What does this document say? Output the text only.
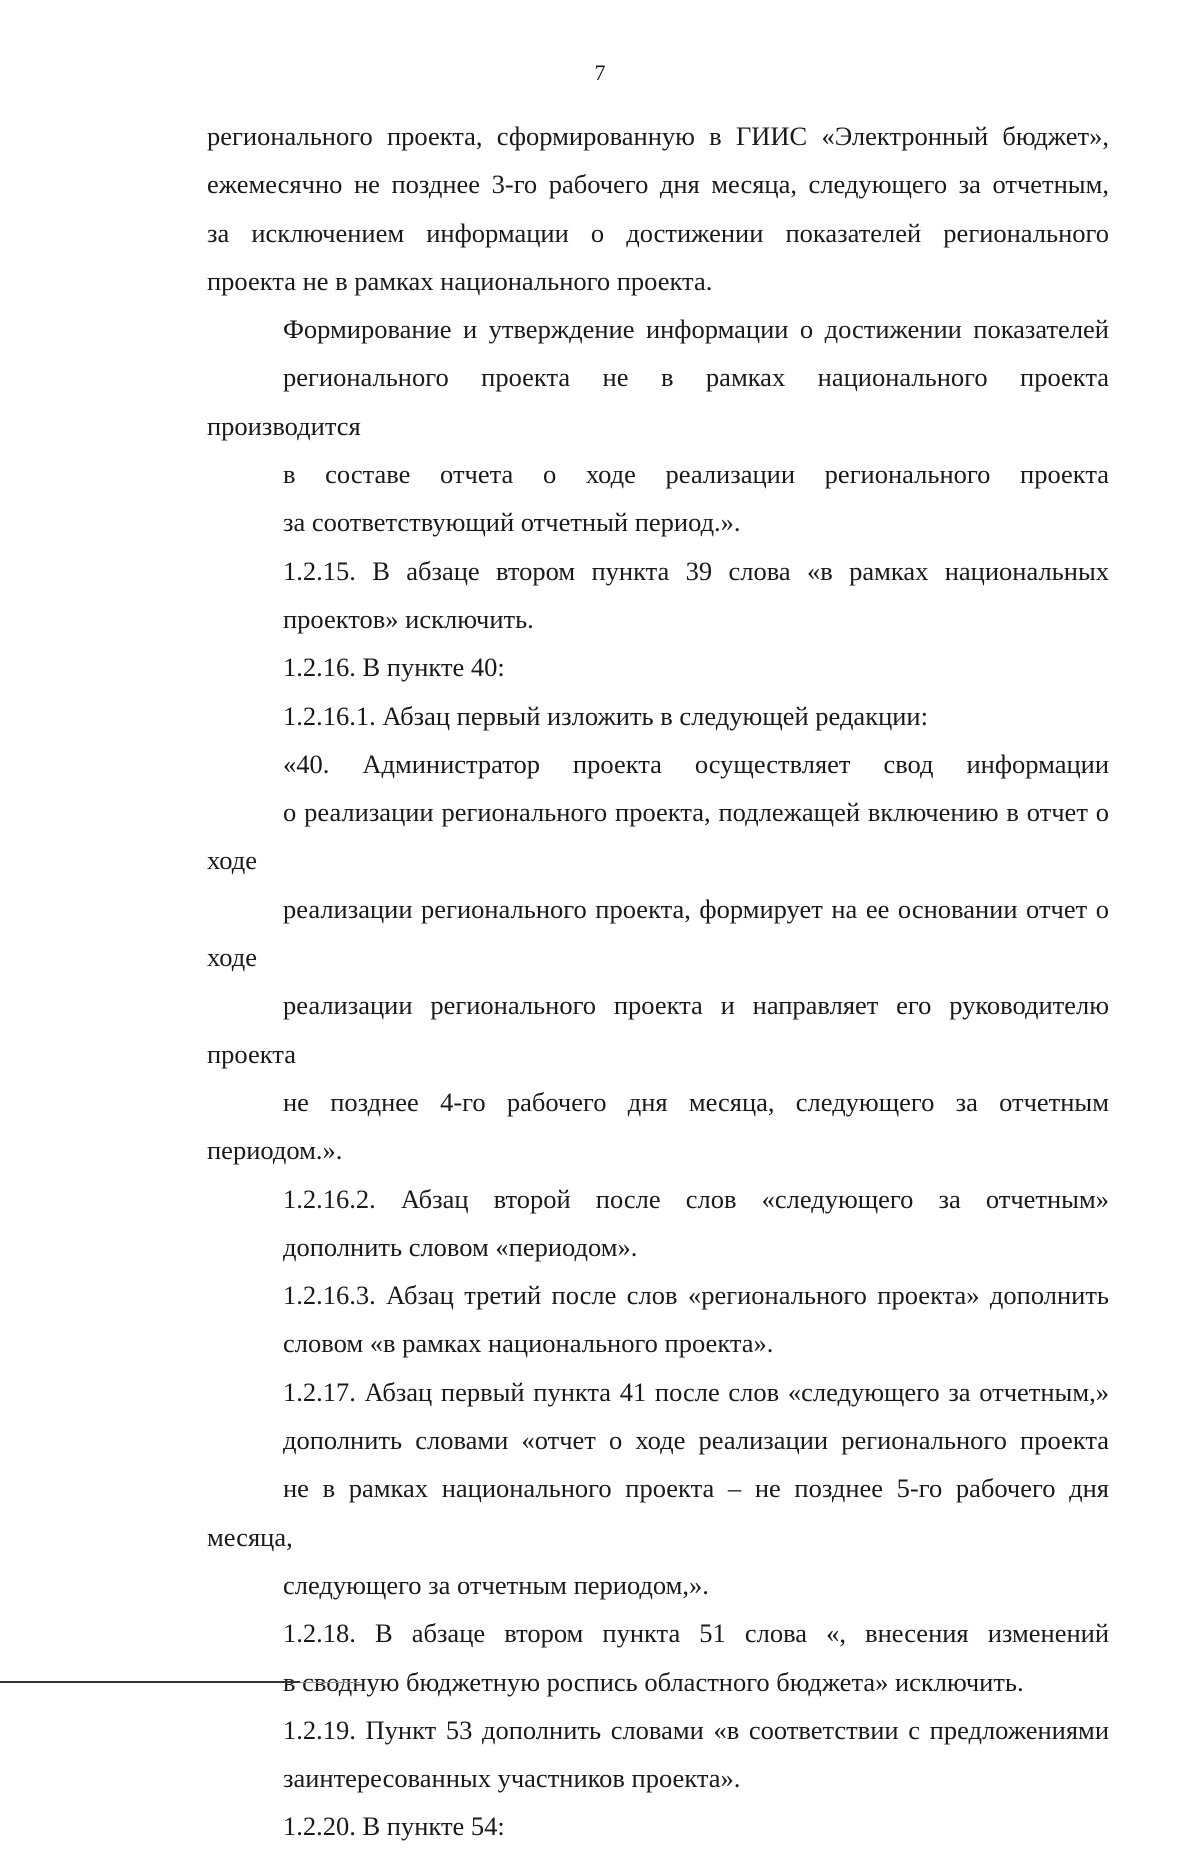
7

регионального проекта, сформированную в ГИИС «Электронный бюджет»,
ежемесячно не позднее 3-го рабочего дня месяца, следующего за отчетным,
за исключением информации о достижении показателей регионального
проекта не в рамках национального проекта.

Формирование и утверждение информации о достижении показателей
регионального проекта не в рамках национального проекта производится
в составе отчета о ходе реализации регионального проекта
за соответствующий отчетный период.».

1.2.15. В абзаце втором пункта 39 слова «в рамках национальных
проектов» исключить.

1.2.16. В пункте 40:

1.2.16.1. Абзац первый изложить в следующей редакции:

«40. Администратор проекта осуществляет свод информации
о реализации регионального проекта, подлежащей включению в отчет о ходе
реализации регионального проекта, формирует на ее основании отчет о ходе
реализации регионального проекта и направляет его руководителю проекта
не позднее 4-го рабочего дня месяца, следующего за отчетным периодом.».

1.2.16.2. Абзац второй после слов «следующего за отчетным»
дополнить словом «периодом».

1.2.16.3. Абзац третий после слов «регионального проекта» дополнить
словом «в рамках национального проекта».

1.2.17. Абзац первый пункта 41 после слов «следующего за отчетным,»
дополнить словами «отчет о ходе реализации регионального проекта
не в рамках национального проекта – не позднее 5-го рабочего дня месяца,
следующего за отчетным периодом,».

1.2.18. В абзаце втором пункта 51 слова «, внесения изменений
в сводную бюджетную роспись областного бюджета» исключить.

1.2.19. Пункт 53 дополнить словами «в соответствии с предложениями
заинтересованных участников проекта».

1.2.20. В пункте 54:
